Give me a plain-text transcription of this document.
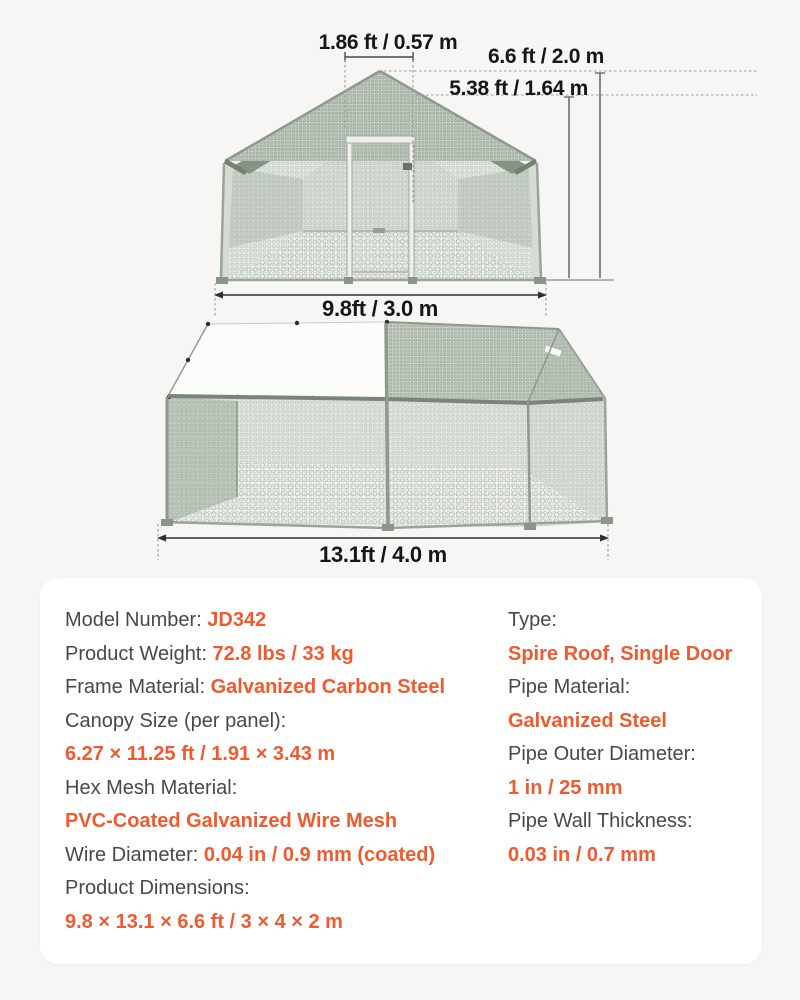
1.86 ft / 0.57 m
6.6 ft / 2.0 m
5.38 ft / 1.64 m
9.8ft / 3.0 m
13.1ft / 4.0 m
Model Number: JD342
Product Weight: 72.8 lbs / 33 kg
Frame Material: Galvanized Carbon Steel
Canopy Size (per panel):
6.27 × 11.25 ft / 1.91 × 3.43 m
Hex Mesh Material:
PVC-Coated Galvanized Wire Mesh
Wire Diameter: 0.04 in / 0.9 mm (coated)
Product Dimensions:
9.8 × 13.1 × 6.6 ft / 3 × 4 × 2 m
Type:
Spire Roof, Single Door
Pipe Material:
Galvanized Steel
Pipe Outer Diameter:
1 in / 25 mm
Pipe Wall Thickness:
0.03 in / 0.7 mm
